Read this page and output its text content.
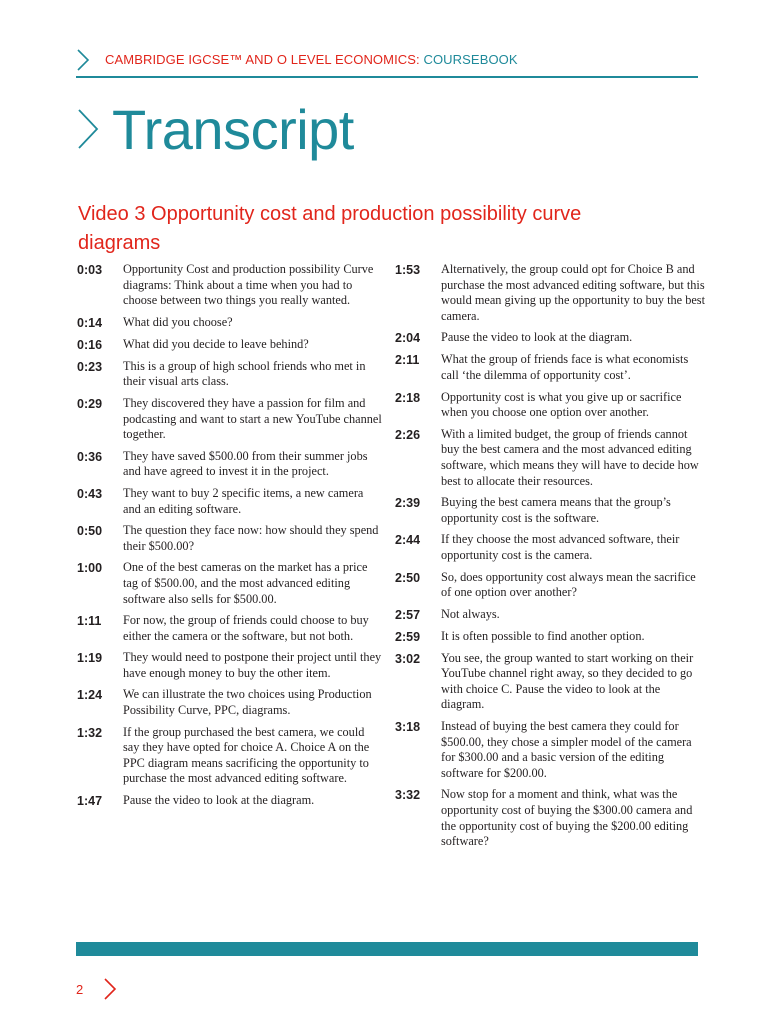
CAMBRIDGE IGCSE™ AND O LEVEL ECONOMICS: COURSEBOOK
Transcript
Video 3 Opportunity cost and production possibility curve diagrams
0:03	Opportunity Cost and production possibility Curve diagrams: Think about a time when you had to choose between two things you really wanted.
0:14	What did you choose?
0:16	What did you decide to leave behind?
0:23	This is a group of high school friends who met in their visual arts class.
0:29	They discovered they have a passion for film and podcasting and want to start a new YouTube channel together.
0:36	They have saved $500.00 from their summer jobs and have agreed to invest it in the project.
0:43	They want to buy 2 specific items, a new camera and an editing software.
0:50	The question they face now: how should they spend their $500.00?
1:00	One of the best cameras on the market has a price tag of $500.00, and the most advanced editing software also sells for $500.00.
1:11	For now, the group of friends could choose to buy either the camera or the software, but not both.
1:19	They would need to postpone their project until they have enough money to buy the other item.
1:24	We can illustrate the two choices using Production Possibility Curve, PPC, diagrams.
1:32	If the group purchased the best camera, we could say they have opted for choice A. Choice A on the PPC diagram means sacrificing the opportunity to purchase the most advanced editing software.
1:47	Pause the video to look at the diagram.
1:53	Alternatively, the group could opt for Choice B and purchase the most advanced editing software, but this would mean giving up the opportunity to buy the best camera.
2:04	Pause the video to look at the diagram.
2:11	What the group of friends face is what economists call ‘the dilemma of opportunity cost’.
2:18	Opportunity cost is what you give up or sacrifice when you choose one option over another.
2:26	With a limited budget, the group of friends cannot buy the best camera and the most advanced editing software, which means they will have to decide how best to allocate their resources.
2:39	Buying the best camera means that the group’s opportunity cost is the software.
2:44	If they choose the most advanced software, their opportunity cost is the camera.
2:50	So, does opportunity cost always mean the sacrifice of one option over another?
2:57	Not always.
2:59	It is often possible to find another option.
3:02	You see, the group wanted to start working on their YouTube channel right away, so they decided to go with choice C. Pause the video to look at the diagram.
3:18	Instead of buying the best camera they could for $500.00, they chose a simpler model of the camera for $300.00 and a basic version of the editing software for $200.00.
3:32	Now stop for a moment and think, what was the opportunity cost of buying the $300.00 camera and the opportunity cost of buying the $200.00 editing software?
2
